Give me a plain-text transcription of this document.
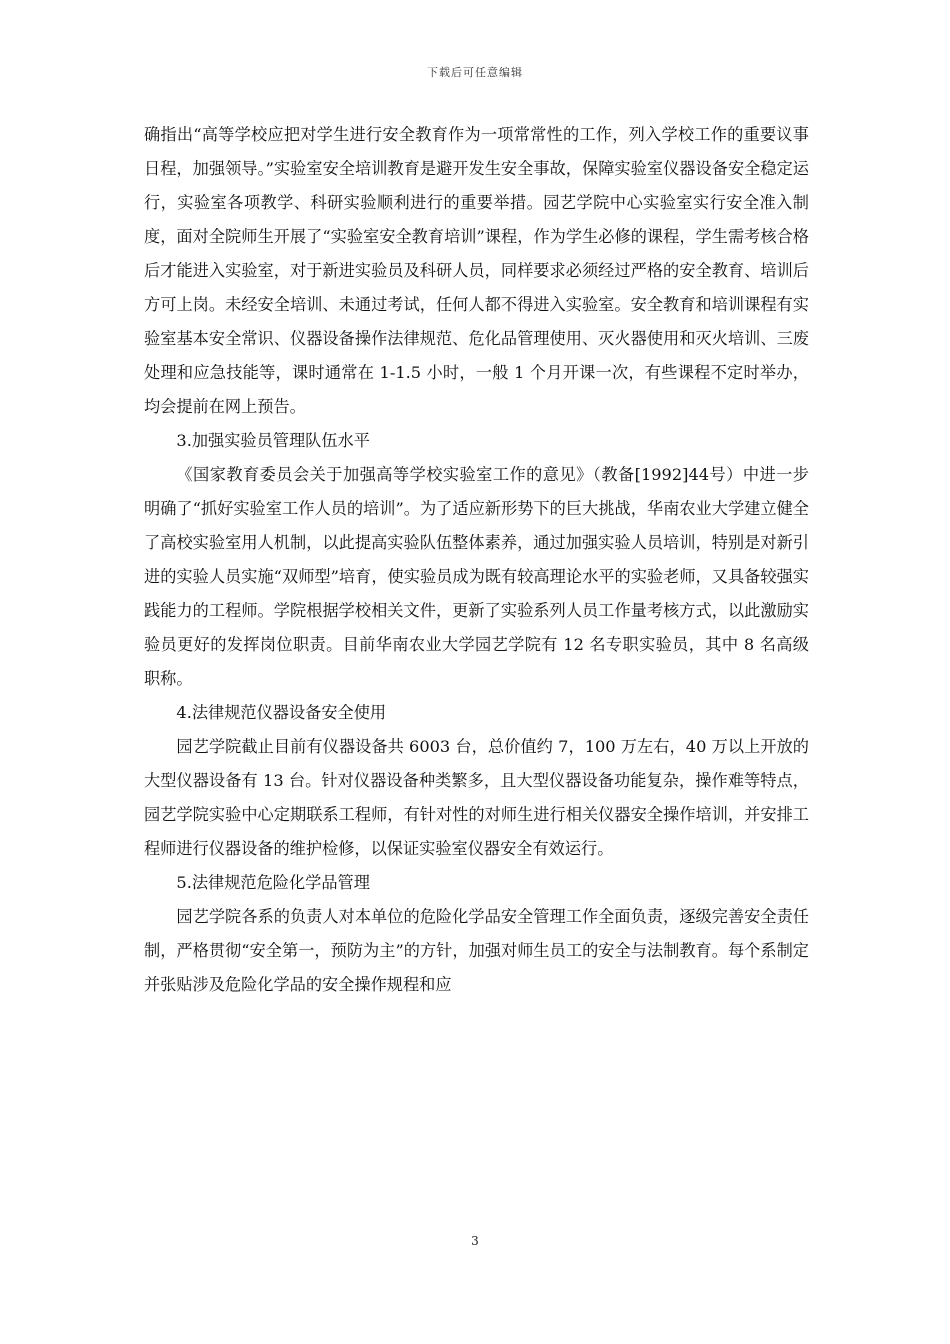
下载后可任意编辑

确指出“高等学校应把对学生进行安全教育作为一项常常性的工作，列入学校工作的重要议事日程，加强领导。”实验室安全培训教育是避开发生安全事故，保障实验室仪器设备安全稳定运行，实验室各项教学、科研实验顺利进行的重要举措。园艺学院中心实验室实行安全准入制度，面对全院师生开展了“实验室安全教育培训”课程，作为学生必修的课程，学生需考核合格后才能进入实验室，对于新进实验员及科研人员，同样要求必须经过严格的安全教育、培训后方可上岗。未经安全培训、未通过考试，任何人都不得进入实验室。安全教育和培训课程有实验室基本安全常识、仪器设备操作法律规范、危化品管理使用、灭火器使用和灭火培训、三废处理和应急技能等，课时通常在 1-1.5 小时，一般 1 个月开课一次，有些课程不定时举办，均会提前在网上预告。

3.加强实验员管理队伍水平

《国家教育委员会关于加强高等学校实验室工作的意见》（教备[1992]44号）中进一步明确了“抓好实验室工作人员的培训”。为了适应新形势下的巨大挑战，华南农业大学建立健全了高校实验室用人机制，以此提高实验队伍整体素养，通过加强实验人员培训，特别是对新引进的实验人员实施“双师型”培育，使实验员成为既有较高理论水平的实验老师，又具备较强实践能力的工程师。学院根据学校相关文件，更新了实验系列人员工作量考核方式，以此激励实验员更好的发挥岗位职责。目前华南农业大学园艺学院有 12 名专职实验员，其中 8 名高级职称。

4.法律规范仪器设备安全使用

园艺学院截止目前有仪器设备共 6003 台，总价值约 7，100 万左右，40 万以上开放的大型仪器设备有 13 台。针对仪器设备种类繁多，且大型仪器设备功能复杂，操作难等特点，园艺学院实验中心定期联系工程师，有针对性的对师生进行相关仪器安全操作培训，并安排工程师进行仪器设备的维护检修，以保证实验室仪器安全有效运行。

5.法律规范危险化学品管理

园艺学院各系的负责人对本单位的危险化学品安全管理工作全面负责，逐级完善安全责任制，严格贯彻“安全第一，预防为主”的方针，加强对师生员工的安全与法制教育。每个系制定并张贴涉及危险化学品的安全操作规程和应

3
